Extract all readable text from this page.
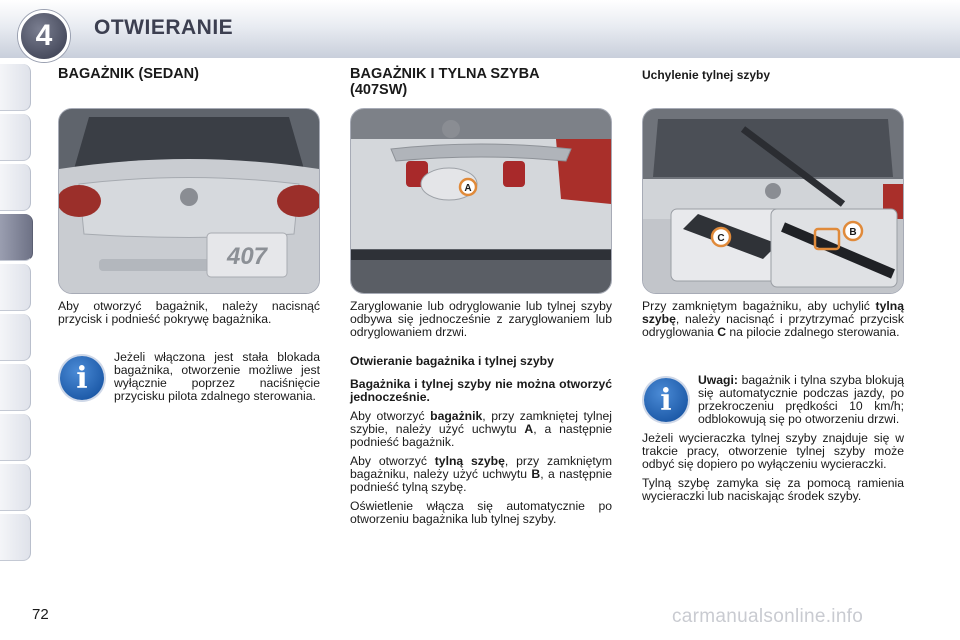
4 OTWIERANIE
BAGAŻNIK (SEDAN)
407

Aby otworzyć bagażnik, należy nacisnąć przycisk i podnieść pokrywę bagażnika.

i

Jeżeli włączona jest stała blokada bagażnika, otworzenie możliwe jest wyłącznie poprzez naciśnięcie przycisku pilota zdalnego sterowania.

BAGAŻNIK I TYLNA SZYBA
(407SW)
A

Zaryglowanie lub odryglowanie lub tylnej szyby odbywa się jednocześnie z zaryglowaniem lub odryglowaniem drzwi.

Otwieranie bagażnika i tylnej szyby

Bagażnika i tylnej szyby nie można otworzyć jednocześnie.

Aby otworzyć bagażnik, przy zamkniętej tylnej szybie, należy użyć uchwytu A, a następnie podnieść bagażnik.

Aby otworzyć tylną szybę, przy zamkniętym bagażniku, należy użyć uchwytu B, a następnie podnieść tylną szybę.

Oświetlenie włącza się automatycznie po otworzeniu bagażnika lub tylnej szyby.

Uchylenie tylnej szyby
C
B

Przy zamkniętym bagażniku, aby uchylić tylną szybę, należy nacisnąć i przytrzymać przycisk odryglowania C na pilocie zdalnego sterowania.

i

Uwagi: bagażnik i tylna szyba blokują się automatycznie podczas jazdy, po przekroczeniu prędkości 10 km/h; odblokowują się po otworzeniu drzwi.

Jeżeli wycieraczka tylnej szyby znajduje się w trakcie pracy, otworzenie tylnej szyby może odbyć się dopiero po wyłączeniu wycieraczki.

Tylną szybę zamyka się za pomocą ramienia wycieraczki lub naciskając środek szyby.

72	carmanualsonline.info
